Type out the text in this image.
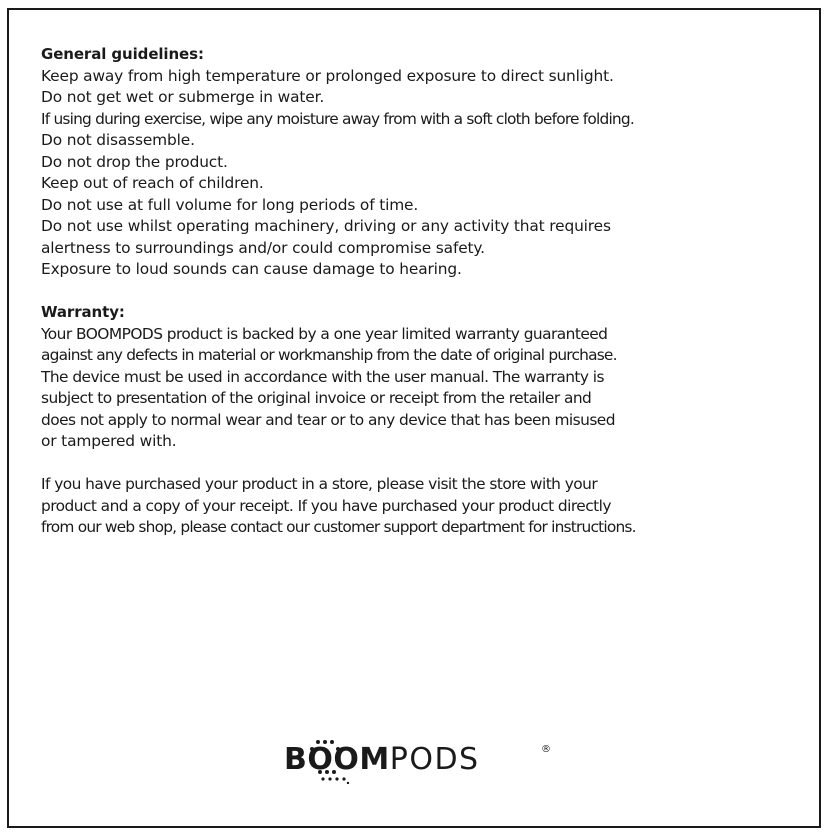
General guidelines:
Keep away from high temperature or prolonged exposure to direct sunlight.
Do not get wet or submerge in water.
If using during exercise, wipe any moisture away from with a soft cloth before folding.
Do not disassemble.
Do not drop the product.
Keep out of reach of children.
Do not use at full volume for long periods of time.
Do not use whilst operating machinery, driving or any activity that requires
alertness to surroundings and/or could compromise safety.
Exposure to loud sounds can cause damage to hearing.
Warranty:
Your BOOMPODS product is backed by a one year limited warranty guaranteed
against any defects in material or workmanship from the date of original purchase.
The device must be used in accordance with the user manual. The warranty is
subject to presentation of the original invoice or receipt from the retailer and
does not apply to normal wear and tear or to any device that has been misused
or tampered with.
If you have purchased your product in a store, please visit the store with your
product and a copy of your receipt. If you have purchased your product directly
from our web shop, please contact our customer support department for instructions.
BOOMPODS	®
